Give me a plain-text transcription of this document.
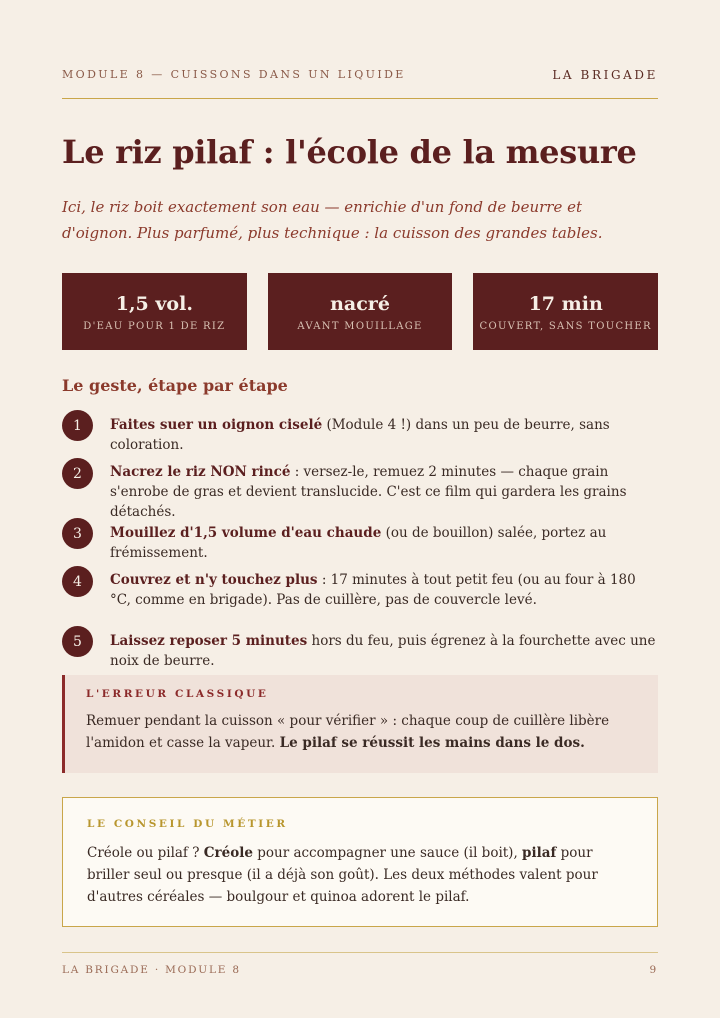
MODULE 8 — CUISSONS DANS UN LIQUIDE	LA BRIGADE
Le riz pilaf : l'école de la mesure

Ici, le riz boit exactement son eau — enrichie d'un fond de beurre et d'oignon. Plus parfumé, plus technique : la cuisson des grandes tables.

1,5 vol.
D'EAU POUR 1 DE RIZ
nacré
AVANT MOUILLAGE
17 min
COUVERT, SANS TOUCHER
Le geste, étape par étape
1	Faites suer un oignon ciselé (Module 4 !) dans un peu de beurre, sans coloration.

2	Nacrez le riz NON rincé : versez-le, remuez 2 minutes — chaque grain s'enrobe de gras et devient translucide. C'est ce film qui gardera les grains détachés.

3	Mouillez d'1,5 volume d'eau chaude (ou de bouillon) salée, portez au frémissement.

4	Couvrez et n'y touchez plus : 17 minutes à tout petit feu (ou au four à 180 °C, comme en brigade). Pas de cuillère, pas de couvercle levé.

5	Laissez reposer 5 minutes hors du feu, puis égrenez à la fourchette avec une noix de beurre.

L'ERREUR CLASSIQUE

Remuer pendant la cuisson « pour vérifier » : chaque coup de cuillère libère l'amidon et casse la vapeur. Le pilaf se réussit les mains dans le dos.

LE CONSEIL DU MÉTIER

Créole ou pilaf ? Créole pour accompagner une sauce (il boit), pilaf pour briller seul ou presque (il a déjà son goût). Les deux méthodes valent pour d'autres céréales — boulgour et quinoa adorent le pilaf.

LA BRIGADE · MODULE 8	9
